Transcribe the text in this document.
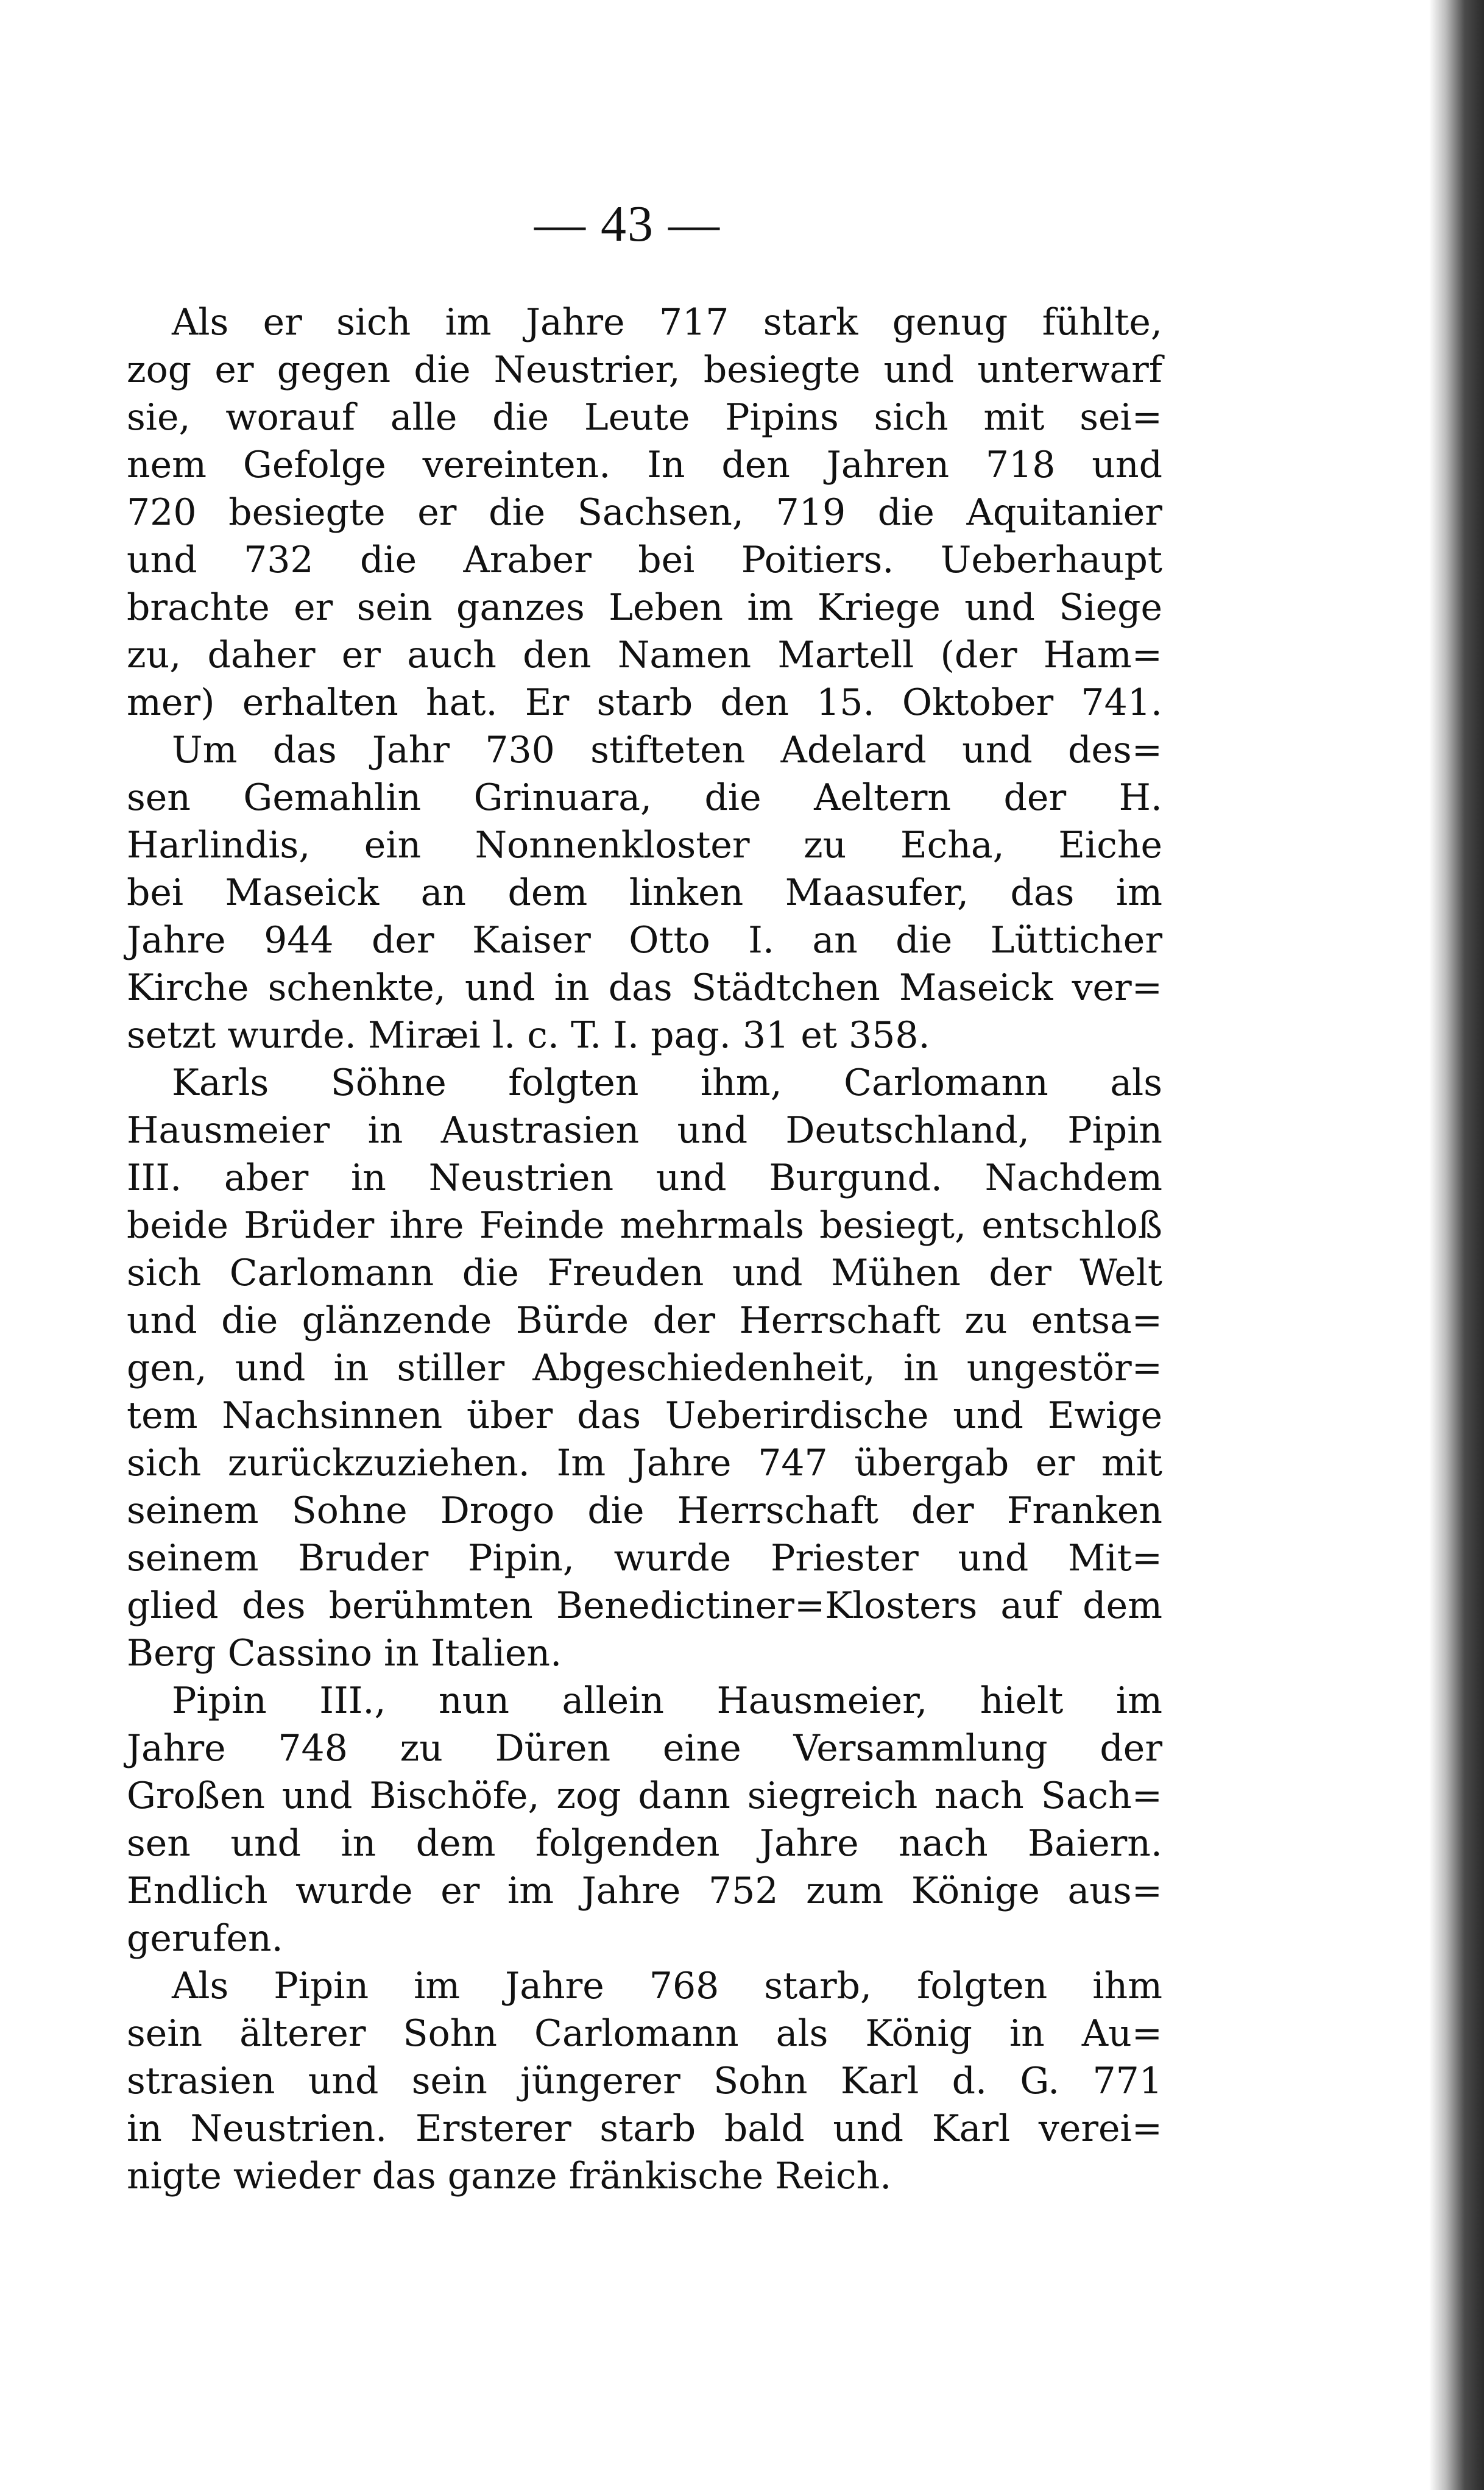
— 43 —
Als er sich im Jahre 717 stark genug fühlte,
zog er gegen die Neustrier, besiegte und unterwarf
sie, worauf alle die Leute Pipins sich mit sei=
nem Gefolge vereinten. In den Jahren 718 und
720 besiegte er die Sachsen, 719 die Aquitanier
und 732 die Araber bei Poitiers. Ueberhaupt
brachte er sein ganzes Leben im Kriege und Siege
zu, daher er auch den Namen Martell (der Ham=
mer) erhalten hat. Er starb den 15. Oktober 741.
Um das Jahr 730 stifteten Adelard und des=
sen Gemahlin Grinuara, die Aeltern der H.
Harlindis, ein Nonnenkloster zu Echa, Eiche
bei Maseick an dem linken Maasufer, das im
Jahre 944 der Kaiser Otto I. an die Lütticher
Kirche schenkte, und in das Städtchen Maseick ver=
setzt wurde. Miræi l. c. T. I. pag. 31 et 358.
Karls Söhne folgten ihm, Carlomann als
Hausmeier in Austrasien und Deutschland, Pipin
III. aber in Neustrien und Burgund. Nachdem
beide Brüder ihre Feinde mehrmals besiegt, entschloß
sich Carlomann die Freuden und Mühen der Welt
und die glänzende Bürde der Herrschaft zu entsa=
gen, und in stiller Abgeschiedenheit, in ungestör=
tem Nachsinnen über das Ueberirdische und Ewige
sich zurückzuziehen. Im Jahre 747 übergab er mit
seinem Sohne Drogo die Herrschaft der Franken
seinem Bruder Pipin, wurde Priester und Mit=
glied des berühmten Benedictiner=Klosters auf dem
Berg Cassino in Italien.
Pipin III., nun allein Hausmeier, hielt im
Jahre 748 zu Düren eine Versammlung der
Großen und Bischöfe, zog dann siegreich nach Sach=
sen und in dem folgenden Jahre nach Baiern.
Endlich wurde er im Jahre 752 zum Könige aus=
gerufen.
Als Pipin im Jahre 768 starb, folgten ihm
sein älterer Sohn Carlomann als König in Au=
strasien und sein jüngerer Sohn Karl d. G. 771
in Neustrien. Ersterer starb bald und Karl verei=
nigte wieder das ganze fränkische Reich.
